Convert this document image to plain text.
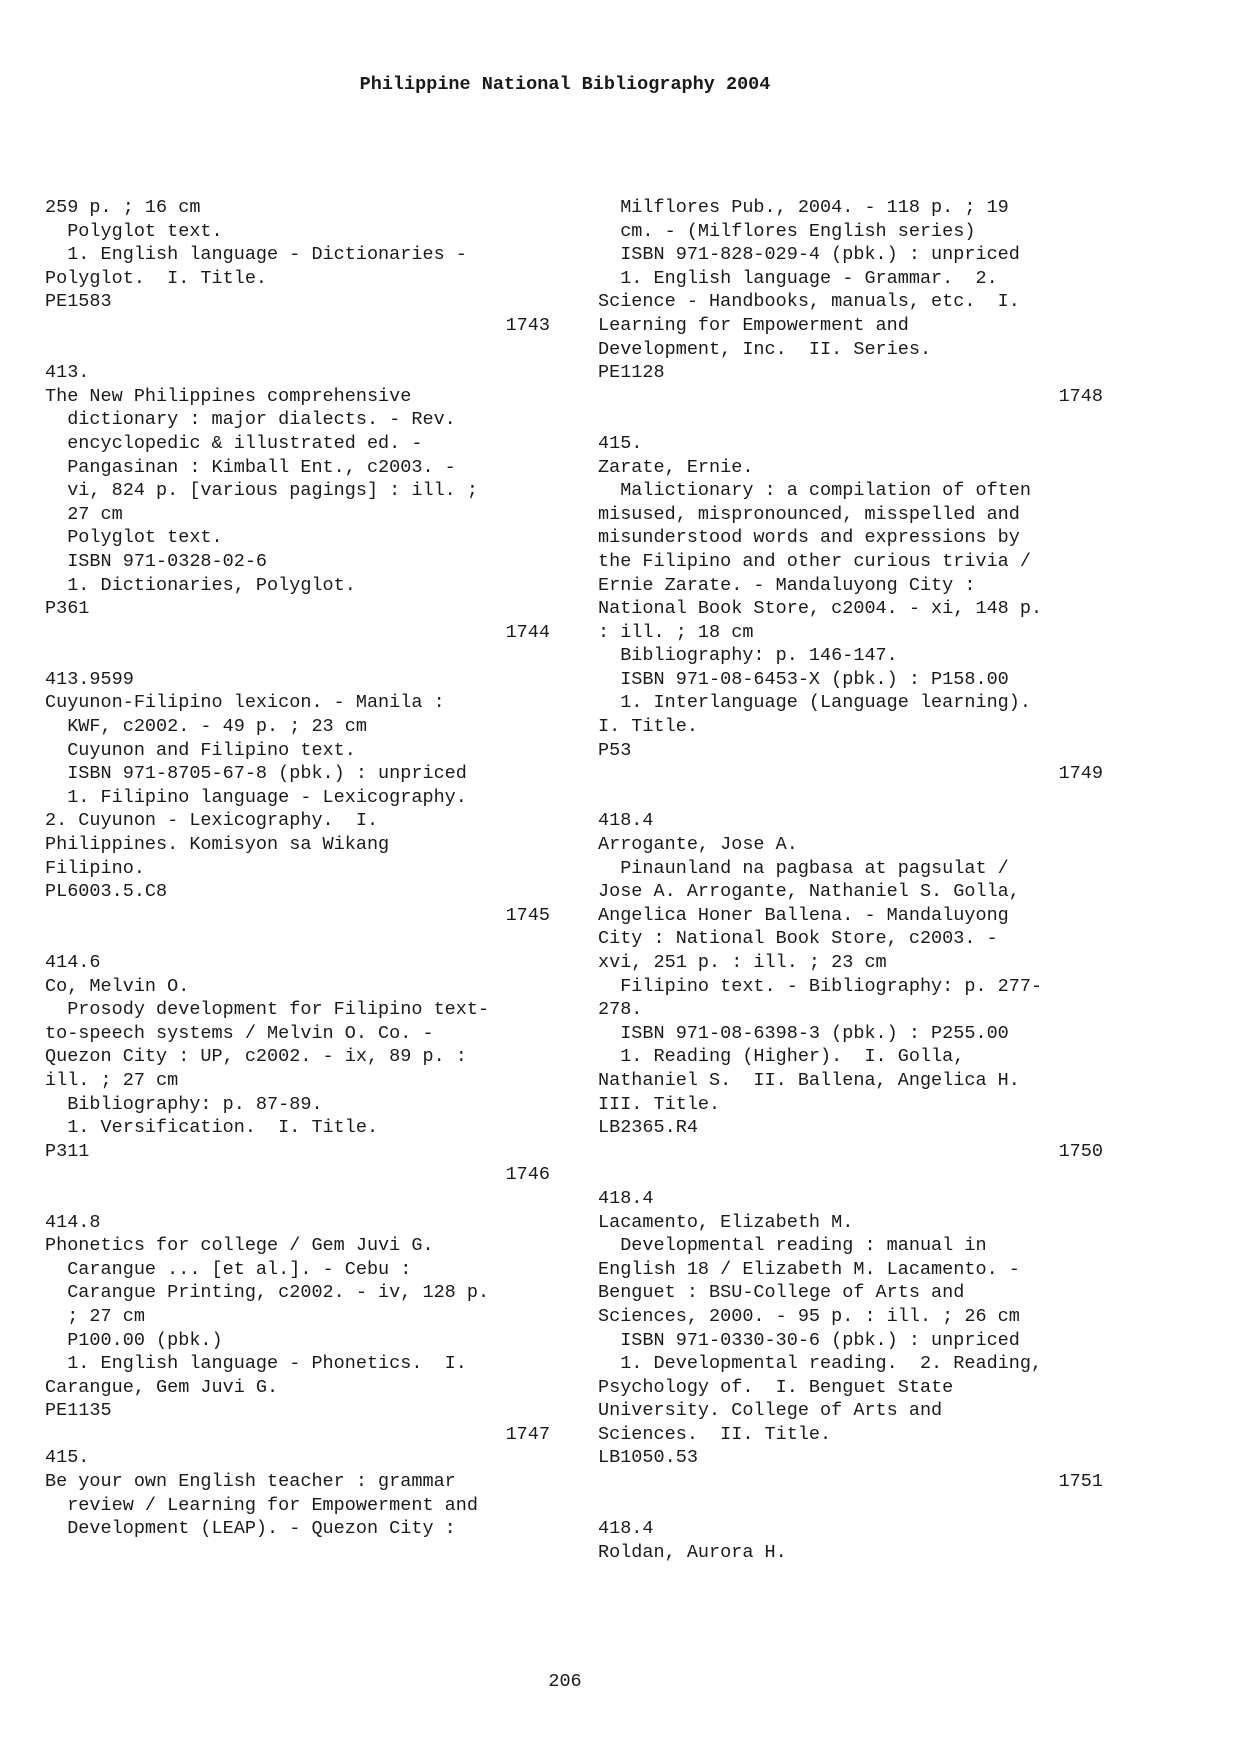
Philippine National Bibliography 2004
259 p. ; 16 cm
Polyglot text.
1. English language - Dictionaries -
Polyglot.  I. Title.
PE1583
1743
413.
The New Philippines comprehensive
dictionary : major dialects. - Rev.
encyclopedic & illustrated ed. -
Pangasinan : Kimball Ent., c2003. -
vi, 824 p. [various pagings] : ill. ;
27 cm
Polyglot text.
ISBN 971-0328-02-6
1. Dictionaries, Polyglot.
P361
1744
413.9599
Cuyunon-Filipino lexicon. - Manila :
KWF, c2002. - 49 p. ; 23 cm
Cuyunon and Filipino text.
ISBN 971-8705-67-8 (pbk.) : unpriced
1. Filipino language - Lexicography.
2. Cuyunon - Lexicography.  I.
Philippines. Komisyon sa Wikang
Filipino.
PL6003.5.C8
1745
414.6
Co, Melvin O.
Prosody development for Filipino text-
to-speech systems / Melvin O. Co. -
Quezon City : UP, c2002. - ix, 89 p. :
ill. ; 27 cm
Bibliography: p. 87-89.
1. Versification.  I. Title.
P311
1746
414.8
Phonetics for college / Gem Juvi G.
Carangue ... [et al.]. - Cebu :
Carangue Printing, c2002. - iv, 128 p.
; 27 cm
P100.00 (pbk.)
1. English language - Phonetics.  I.
Carangue, Gem Juvi G.
PE1135
1747
415.
Be your own English teacher : grammar
review / Learning for Empowerment and
Development (LEAP). - Quezon City :
Milflores Pub., 2004. - 118 p. ; 19
cm. - (Milflores English series)
ISBN 971-828-029-4 (pbk.) : unpriced
1. English language - Grammar.  2.
Science - Handbooks, manuals, etc.  I.
Learning for Empowerment and
Development, Inc.  II. Series.
PE1128
1748
415.
Zarate, Ernie.
Malictionary : a compilation of often
misused, mispronounced, misspelled and
misunderstood words and expressions by
the Filipino and other curious trivia /
Ernie Zarate. - Mandaluyong City :
National Book Store, c2004. - xi, 148 p.
: ill. ; 18 cm
Bibliography: p. 146-147.
ISBN 971-08-6453-X (pbk.) : P158.00
1. Interlanguage (Language learning).
I. Title.
P53
1749
418.4
Arrogante, Jose A.
Pinaunland na pagbasa at pagsulat /
Jose A. Arrogante, Nathaniel S. Golla,
Angelica Honer Ballena. - Mandaluyong
City : National Book Store, c2003. -
xvi, 251 p. : ill. ; 23 cm
Filipino text. - Bibliography: p. 277-
278.
ISBN 971-08-6398-3 (pbk.) : P255.00
1. Reading (Higher).  I. Golla,
Nathaniel S.  II. Ballena, Angelica H.
III. Title.
LB2365.R4
1750
418.4
Lacamento, Elizabeth M.
Developmental reading : manual in
English 18 / Elizabeth M. Lacamento. -
Benguet : BSU-College of Arts and
Sciences, 2000. - 95 p. : ill. ; 26 cm
ISBN 971-0330-30-6 (pbk.) : unpriced
1. Developmental reading.  2. Reading,
Psychology of.  I. Benguet State
University. College of Arts and
Sciences.  II. Title.
LB1050.53
1751
418.4
Roldan, Aurora H.
206
